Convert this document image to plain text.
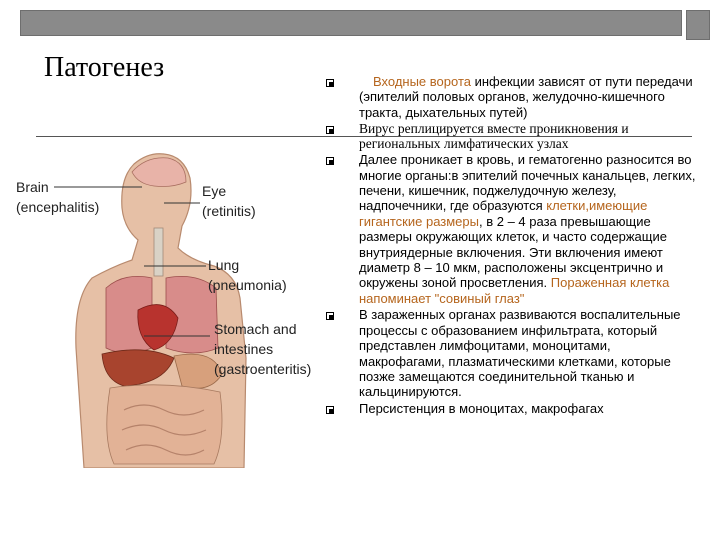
Патогенез
Brain
(encephalitis)
Eye
(retinitis)
Lung
(pneumonia)
Stomach and
intestines
(gastroenteritis)
Входные ворота инфекции зависят от пути передачи (эпителий половых органов, желудочно-кишечного тракта, дыхательных путей)
Вирус реплицируется вместе проникновения и региональных лимфатических узлах
Далее проникает в кровь, и гематогенно разносится во многие органы:в эпителий почечных канальцев, легких, печени, кишечник, поджелудочную железу, надпочечники, где образуются клетки,имеющие гигантские размеры, в 2 – 4 раза превышающие размеры окружающих клеток, и часто содержащие внутриядерные включения. Эти включения имеют диаметр 8 – 10 мкм, расположены эксцентрично и окружены зоной просветления. Пораженная клетка напоминает "совиный глаз"
В зараженных органах развиваются воспалительные процессы с образованием инфильтрата, который представлен лимфоцитами, моноцитами, макрофагами, плазматическими клетками, которые позже замещаются соединительной тканью и кальцинируются.
Персистенция в моноцитах, макрофагах
